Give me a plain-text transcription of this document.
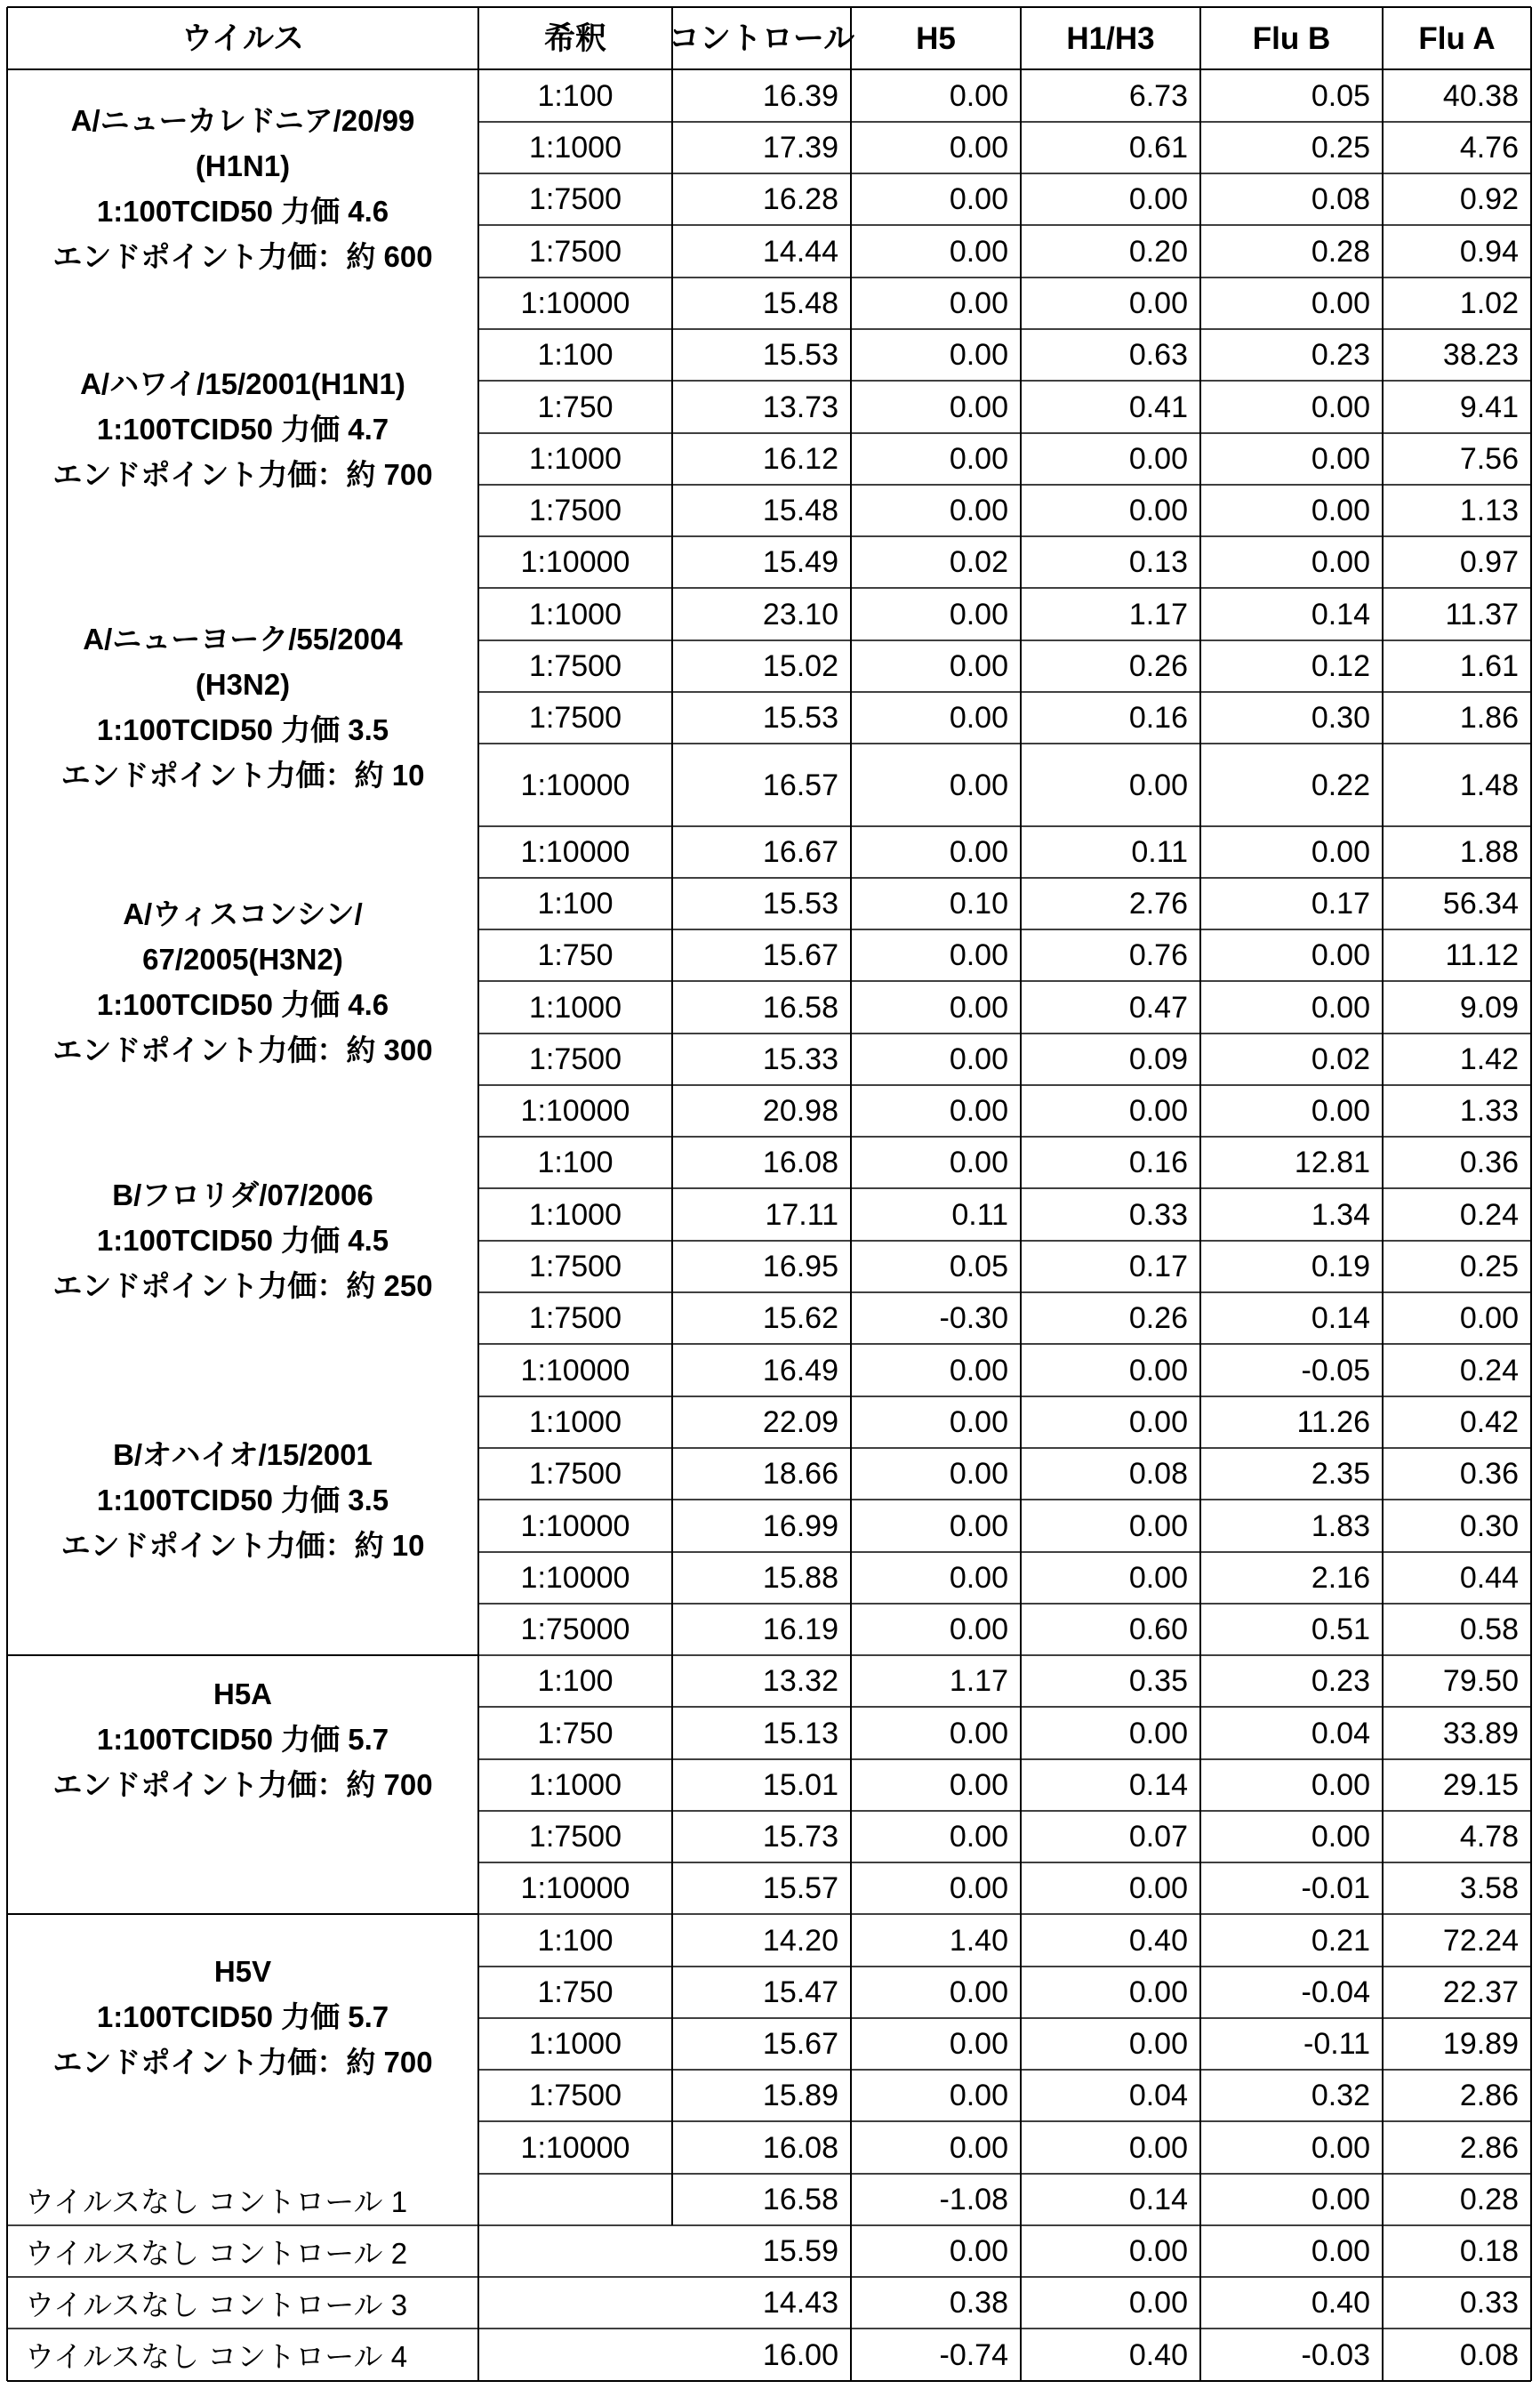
ウイルス	希釈	コントロール	H5	H1/H3	Flu B	Flu A
A/ニューカレドニア/20/99
(H1N1)
1:100TCID50 力価 4.6
エンドポイント力価：約 600
1:100	16.39	0.00	6.73	0.05	40.38
1:1000	17.39	0.00	0.61	0.25	4.76
1:7500	16.28	0.00	0.00	0.08	0.92
1:7500	14.44	0.00	0.20	0.28	0.94
1:10000	15.48	0.00	0.00	0.00	1.02
A/ハワイ/15/2001(H1N1)
1:100TCID50 力価 4.7
エンドポイント力価：約 700
1:100	15.53	0.00	0.63	0.23	38.23
1:750	13.73	0.00	0.41	0.00	9.41
1:1000	16.12	0.00	0.00	0.00	7.56
1:7500	15.48	0.00	0.00	0.00	1.13
1:10000	15.49	0.02	0.13	0.00	0.97
A/ニューヨーク/55/2004
(H3N2)
1:100TCID50 力価 3.5
エンドポイント力価：約 10
1:1000	23.10	0.00	1.17	0.14	11.37
1:7500	15.02	0.00	0.26	0.12	1.61
1:7500	15.53	0.00	0.16	0.30	1.86
1:10000	16.57	0.00	0.00	0.22	1.48
1:10000	16.67	0.00	0.11	0.00	1.88
A/ウィスコンシン/
67/2005(H3N2)
1:100TCID50 力価 4.6
エンドポイント力価：約 300
1:100	15.53	0.10	2.76	0.17	56.34
1:750	15.67	0.00	0.76	0.00	11.12
1:1000	16.58	0.00	0.47	0.00	9.09
1:7500	15.33	0.00	0.09	0.02	1.42
1:10000	20.98	0.00	0.00	0.00	1.33
B/フロリダ/07/2006
1:100TCID50 力価 4.5
エンドポイント力価：約 250
1:100	16.08	0.00	0.16	12.81	0.36
1:1000	17.11	0.11	0.33	1.34	0.24
1:7500	16.95	0.05	0.17	0.19	0.25
1:7500	15.62	-0.30	0.26	0.14	0.00
1:10000	16.49	0.00	0.00	-0.05	0.24
B/オハイオ/15/2001
1:100TCID50 力価 3.5
エンドポイント力価：約 10
1:1000	22.09	0.00	0.00	11.26	0.42
1:7500	18.66	0.00	0.08	2.35	0.36
1:10000	16.99	0.00	0.00	1.83	0.30
1:10000	15.88	0.00	0.00	2.16	0.44
1:75000	16.19	0.00	0.60	0.51	0.58
H5A
1:100TCID50 力価 5.7
エンドポイント力価：約 700
1:100	13.32	1.17	0.35	0.23	79.50
1:750	15.13	0.00	0.00	0.04	33.89
1:1000	15.01	0.00	0.14	0.00	29.15
1:7500	15.73	0.00	0.07	0.00	4.78
1:10000	15.57	0.00	0.00	-0.01	3.58
H5V
1:100TCID50 力価 5.7
エンドポイント力価：約 700
1:100	14.20	1.40	0.40	0.21	72.24
1:750	15.47	0.00	0.00	-0.04	22.37
1:1000	15.67	0.00	0.00	-0.11	19.89
1:7500	15.89	0.00	0.04	0.32	2.86
1:10000	16.08	0.00	0.00	0.00	2.86
ウイルスなし コントロール 1	16.58	-1.08	0.14	0.00	0.28
ウイルスなし コントロール 2	15.59	0.00	0.00	0.00	0.18
ウイルスなし コントロール 3	14.43	0.38	0.00	0.40	0.33
ウイルスなし コントロール 4	16.00	-0.74	0.40	-0.03	0.08
